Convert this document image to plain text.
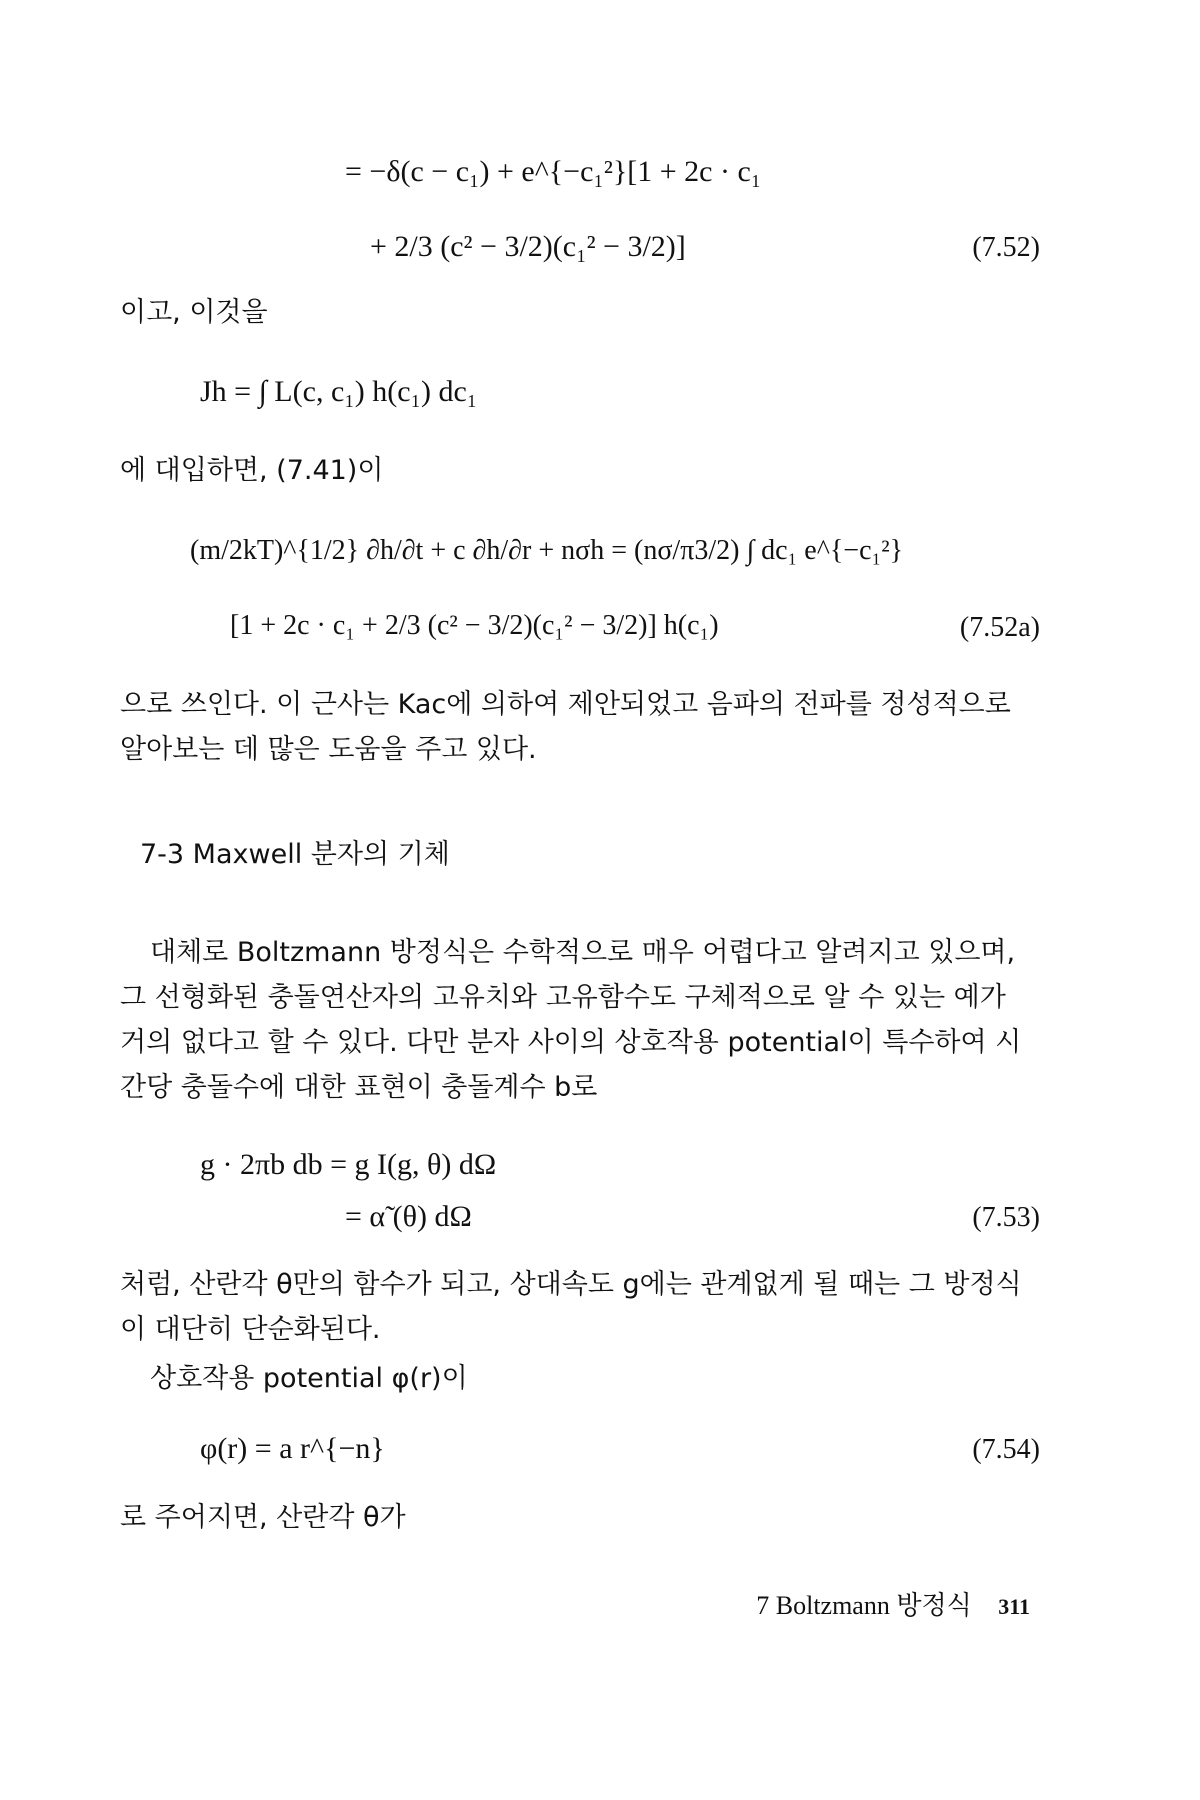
= −δ(c − c₁) + e^{−c₁²}[1 + 2c · c₁
+ 2/3 (c² − 3/2)(c₁² − 3/2)]	(7.52)
이고, 이것을
Jh = ∫ L(c, c₁) h(c₁) dc₁
에 대입하면, (7.41)이
(m/2kT)^{1/2} ∂h/∂t + c ∂h/∂r + nσh = (nσ/π3/2) ∫ dc₁ e^{−c₁²}
[1 + 2c · c₁ + 2/3 (c² − 3/2)(c₁² − 3/2)] h(c₁)	(7.52a)
으로 쓰인다. 이 근사는 Kac에 의하여 제안되었고 음파의 전파를 정성적으로 알아보는 데 많은 도움을 주고 있다.
7-3 Maxwell 분자의 기체
대체로 Boltzmann 방정식은 수학적으로 매우 어렵다고 알려지고 있으며, 그 선형화된 충돌연산자의 고유치와 고유함수도 구체적으로 알 수 있는 예가 거의 없다고 할 수 있다. 다만 분자 사이의 상호작용 potential이 특수하여 시간당 충돌수에 대한 표현이 충돌계수 b로
g · 2πb db = g I(g, θ) dΩ
= α̃ (θ) dΩ	(7.53)
처럼, 산란각 θ만의 함수가 되고, 상대속도 g에는 관계없게 될 때는 그 방정식이 대단히 단순화된다.
상호작용 potential φ(r)이
φ(r) = a r^{−n}	(7.54)
로 주어지면, 산란각 θ가
7 Boltzmann 방정식 311
